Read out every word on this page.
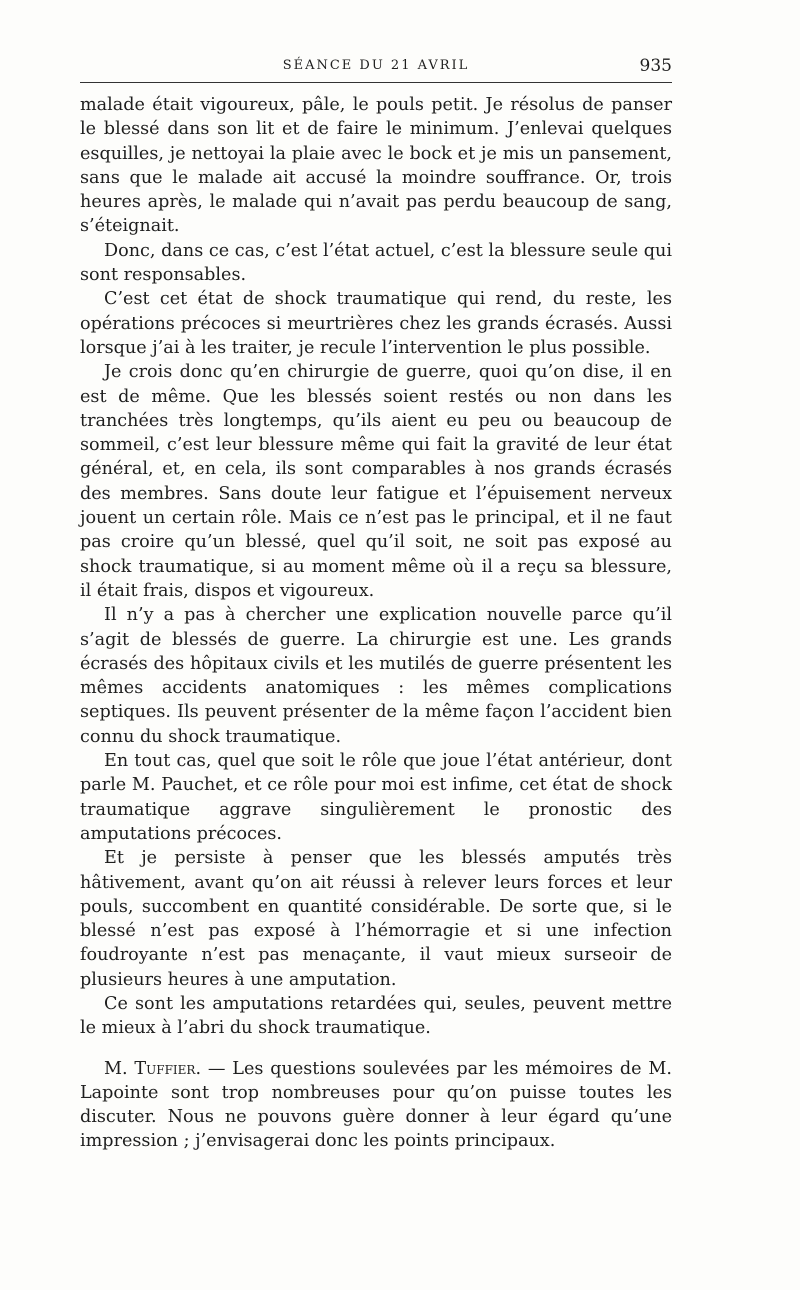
SÉANCE DU 21 AVRIL	935

malade était vigoureux, pâle, le pouls petit. Je résolus de panser le blessé dans son lit et de faire le minimum. J’enlevai quelques esquilles, je nettoyai la plaie avec le bock et je mis un pansement, sans que le malade ait accusé la moindre souffrance. Or, trois heures après, le malade qui n’avait pas perdu beaucoup de sang, s’éteignait.

Donc, dans ce cas, c’est l’état actuel, c’est la blessure seule qui sont responsables.

C’est cet état de shock traumatique qui rend, du reste, les opérations précoces si meurtrières chez les grands écrasés. Aussi lorsque j’ai à les traiter, je recule l’intervention le plus possible.

Je crois donc qu’en chirurgie de guerre, quoi qu’on dise, il en est de même. Que les blessés soient restés ou non dans les tranchées très longtemps, qu’ils aient eu peu ou beaucoup de sommeil, c’est leur blessure même qui fait la gravité de leur état général, et, en cela, ils sont comparables à nos grands écrasés des membres. Sans doute leur fatigue et l’épuisement nerveux jouent un certain rôle. Mais ce n’est pas le principal, et il ne faut pas croire qu’un blessé, quel qu’il soit, ne soit pas exposé au shock traumatique, si au moment même où il a reçu sa blessure, il était frais, dispos et vigoureux.

Il n’y a pas à chercher une explication nouvelle parce qu’il s’agit de blessés de guerre. La chirurgie est une. Les grands écrasés des hôpitaux civils et les mutilés de guerre présentent les mêmes accidents anatomiques : les mêmes complications septiques. Ils peuvent présenter de la même façon l’accident bien connu du shock traumatique.

En tout cas, quel que soit le rôle que joue l’état antérieur, dont parle M. Pauchet, et ce rôle pour moi est infime, cet état de shock traumatique aggrave singulièrement le pronostic des amputations précoces.

Et je persiste à penser que les blessés amputés très hâtivement, avant qu’on ait réussi à relever leurs forces et leur pouls, succombent en quantité considérable. De sorte que, si le blessé n’est pas exposé à l’hémorragie et si une infection foudroyante n’est pas menaçante, il vaut mieux surseoir de plusieurs heures à une amputation.

Ce sont les amputations retardées qui, seules, peuvent mettre le mieux à l’abri du shock traumatique.

M. Tuffier. — Les questions soulevées par les mémoires de M. Lapointe sont trop nombreuses pour qu’on puisse toutes les discuter. Nous ne pouvons guère donner à leur égard qu’une impression ; j’envisagerai donc les points principaux.
